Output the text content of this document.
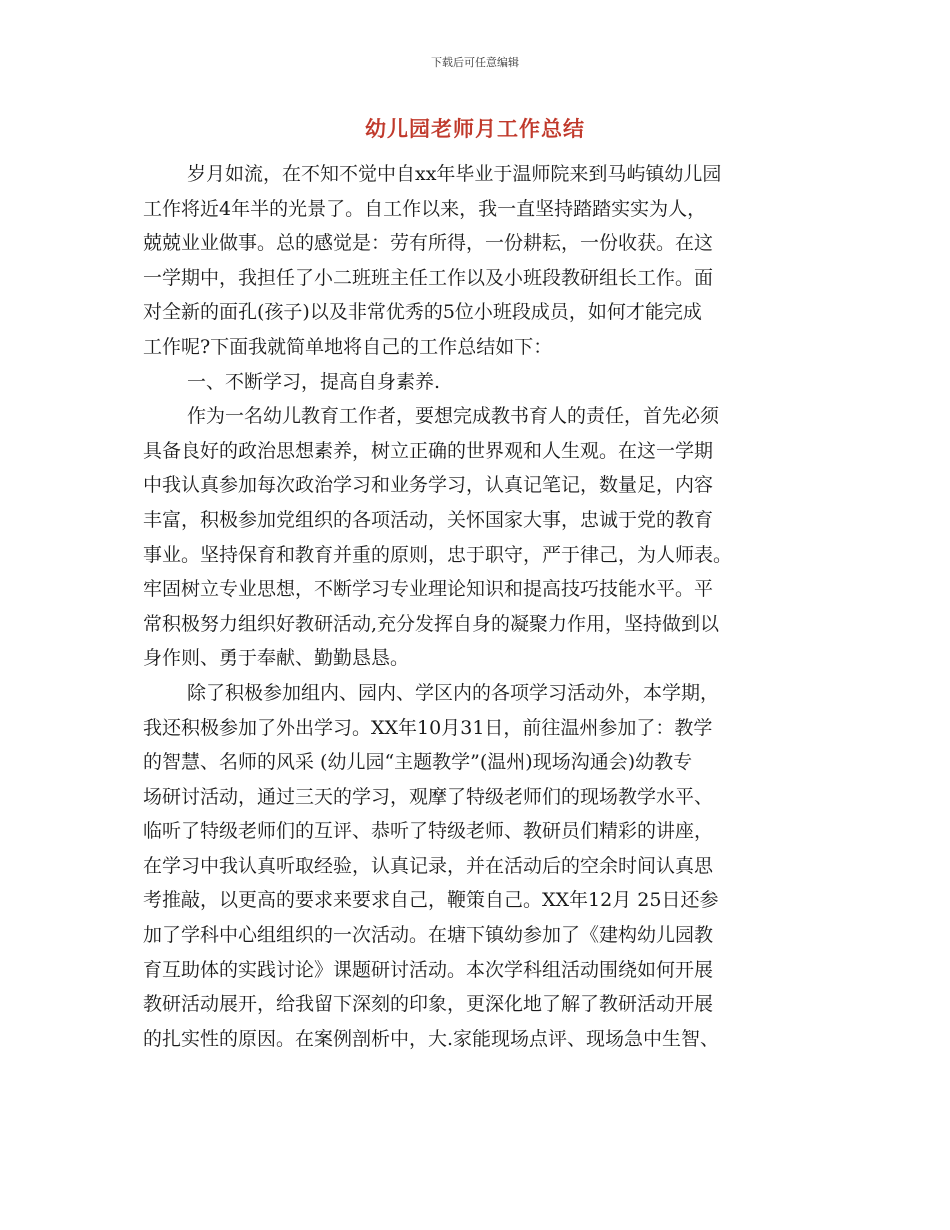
下载后可任意编辑
幼儿园老师月工作总结
岁月如流，在不知不觉中自xx年毕业于温师院来到马屿镇幼儿园
工作将近4年半的光景了。自工作以来，我一直坚持踏踏实实为人，
兢兢业业做事。总的感觉是：劳有所得，一份耕耘，一份收获。在这
一学期中，我担任了小二班班主任工作以及小班段教研组长工作。面
对全新的面孔(孩子)以及非常优秀的5位小班段成员，如何才能完成
工作呢?下面我就简单地将自己的工作总结如下：
一、不断学习，提高自身素养.
作为一名幼儿教育工作者，要想完成教书育人的责任，首先必须
具备良好的政治思想素养，树立正确的世界观和人生观。在这一学期
中我认真参加每次政治学习和业务学习，认真记笔记，数量足，内容
丰富，积极参加党组织的各项活动，关怀国家大事，忠诚于党的教育
事业。坚持保育和教育并重的原则，忠于职守，严于律己，为人师表。
牢固树立专业思想，不断学习专业理论知识和提高技巧技能水平。平
常积极努力组织好教研活动,充分发挥自身的凝聚力作用，坚持做到以
身作则、勇于奉献、勤勤恳恳。
除了积极参加组内、园内、学区内的各项学习活动外，本学期，
我还积极参加了外出学习。XX年10月31日，前往温州参加了：教学
的智慧、名师的风采 (幼儿园“主题教学”(温州)现场沟通会)幼教专
场研讨活动，通过三天的学习，观摩了特级老师们的现场教学水平、
临听了特级老师们的互评、恭听了特级老师、教研员们精彩的讲座，
在学习中我认真听取经验，认真记录，并在活动后的空余时间认真思
考推敲，以更高的要求来要求自己，鞭策自己。XX年12月 25日还参
加了学科中心组组织的一次活动。在塘下镇幼参加了《建构幼儿园教
育互助体的实践讨论》课题研讨活动。本次学科组活动围绕如何开展
教研活动展开，给我留下深刻的印象，更深化地了解了教研活动开展
的扎实性的原因。在案例剖析中，大.家能现场点评、现场急中生智、
